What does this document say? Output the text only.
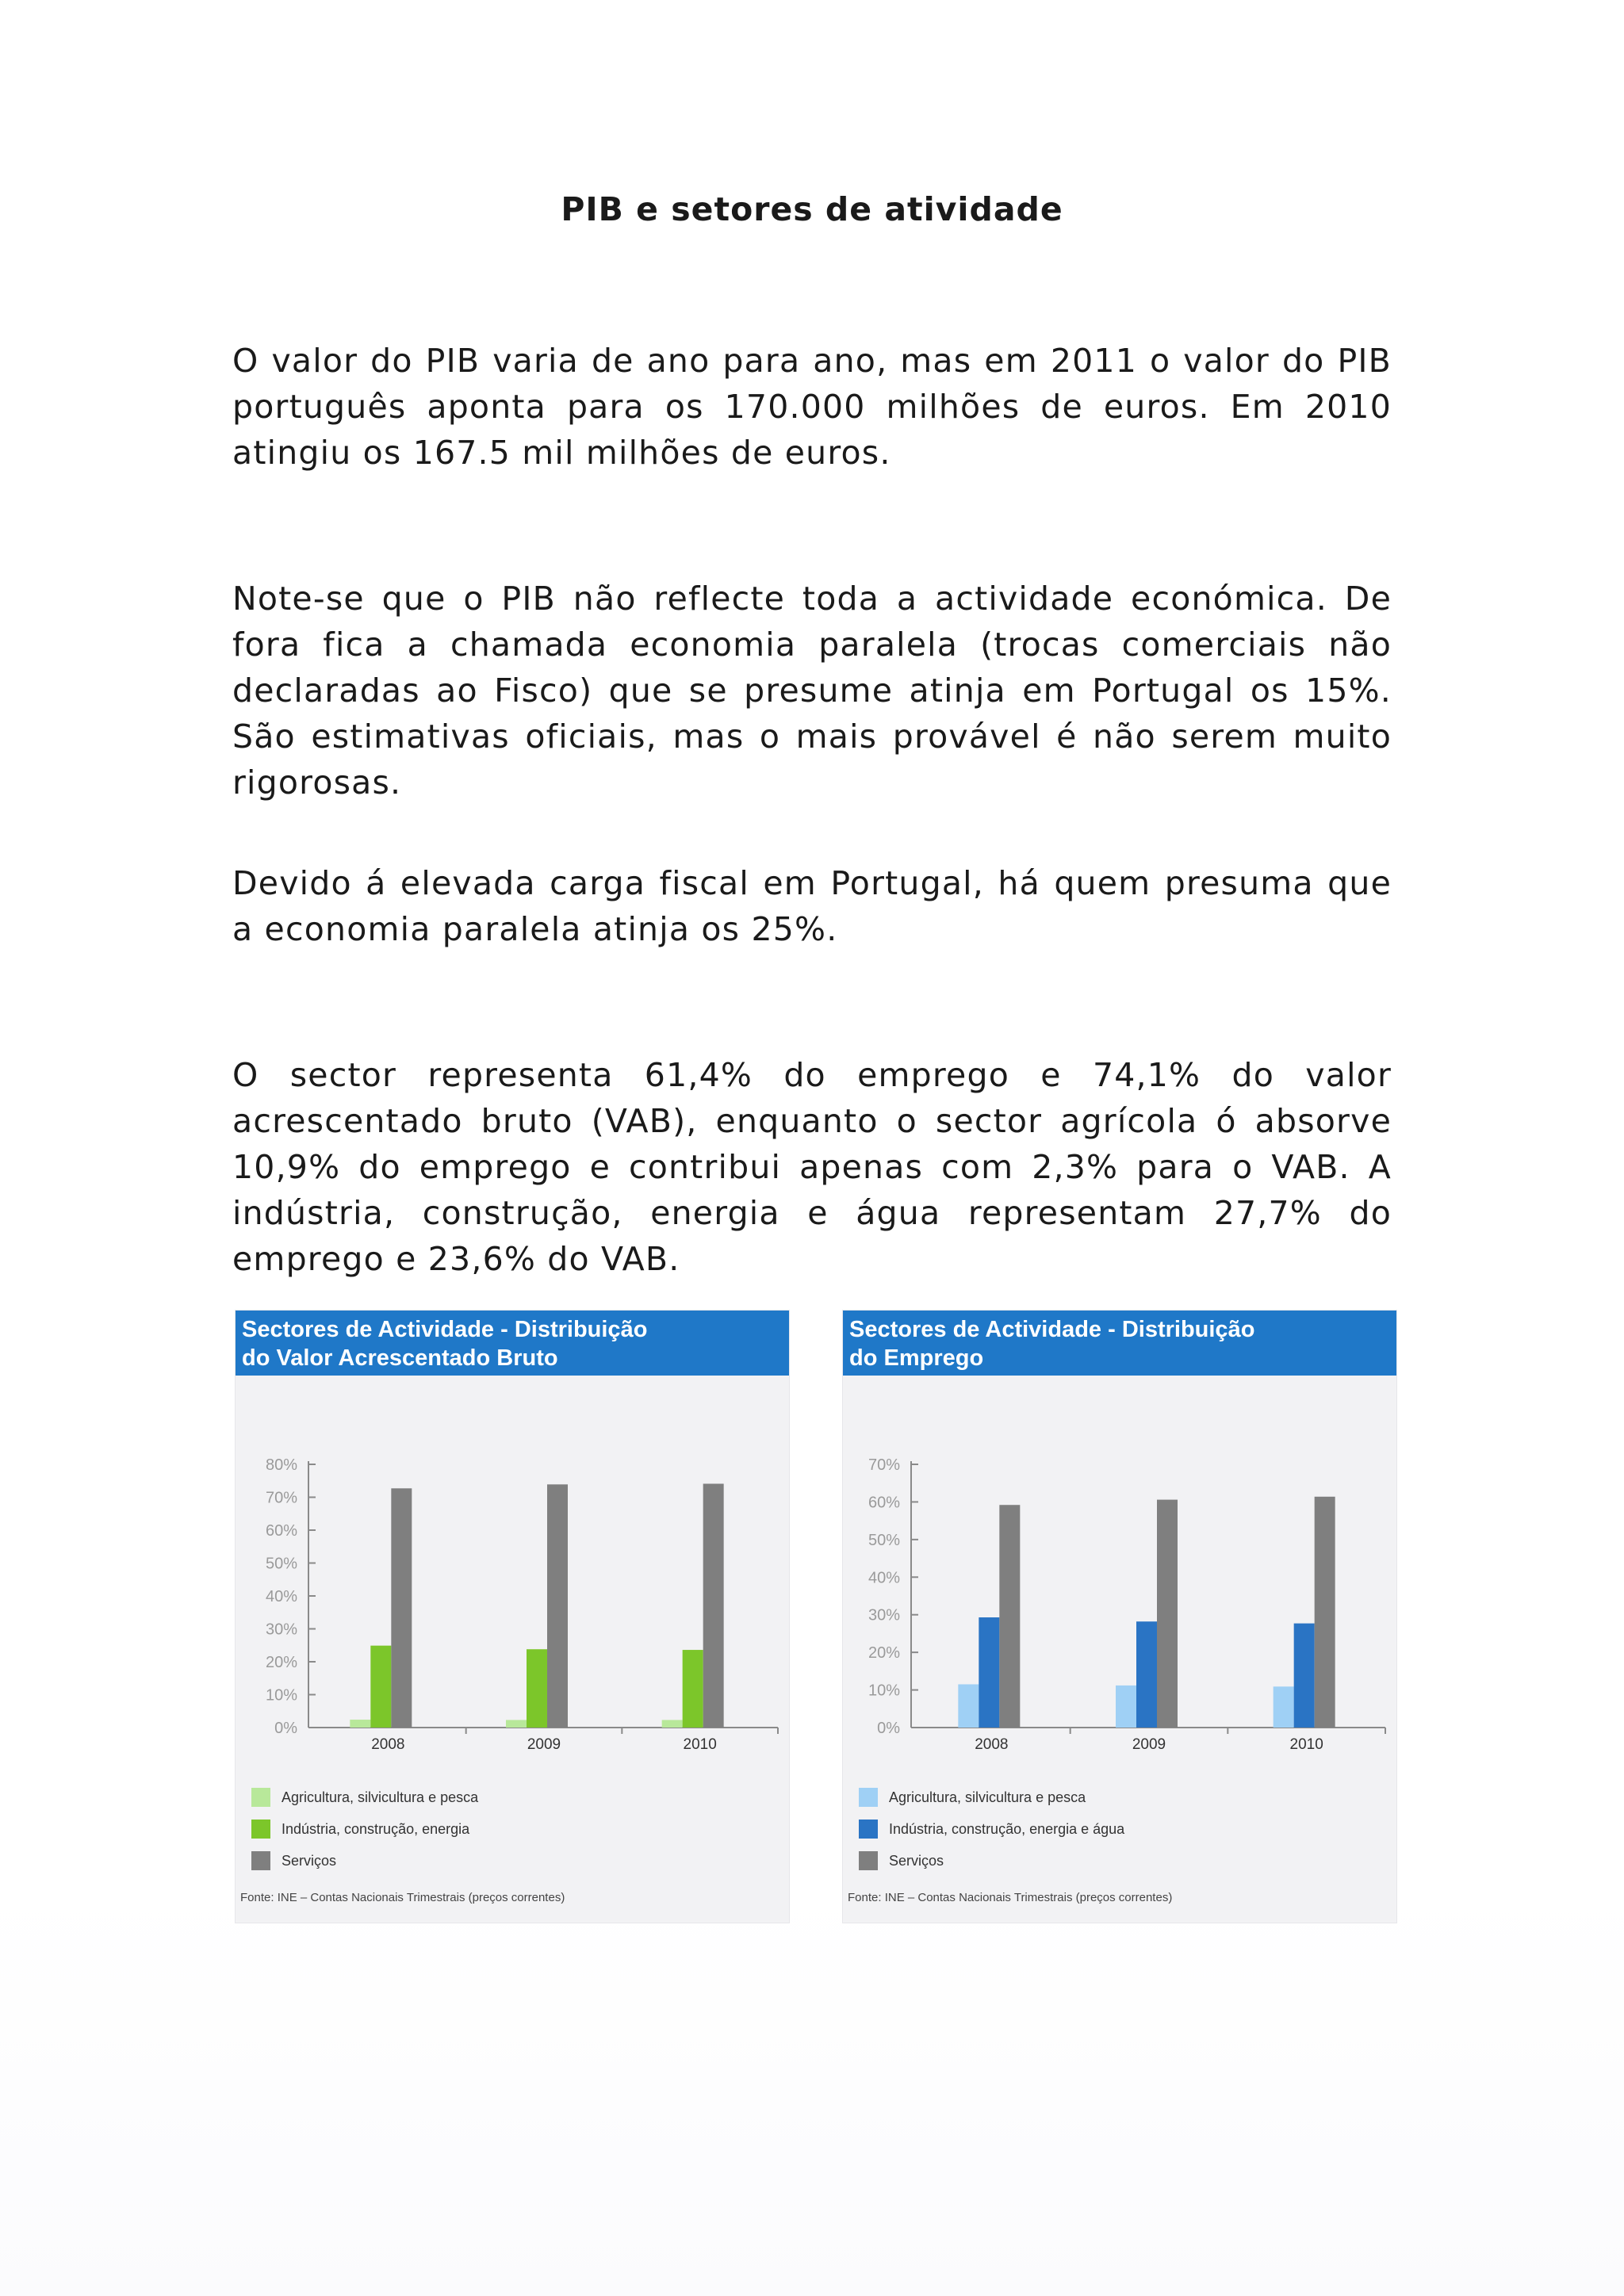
PIB e setores de atividade

O valor do PIB varia de ano para ano, mas em 2011 o valor do PIB português aponta para os 170.000 milhões de euros. Em 2010 atingiu os 167.5 mil milhões de euros.

Note-se que o PIB não reflecte toda a actividade económica. De fora fica a chamada economia paralela (trocas comerciais não declaradas ao Fisco) que se presume atinja em Portugal os 15%. São estimativas oficiais, mas o mais provável é não serem muito rigorosas.

Devido á elevada carga fiscal em Portugal, há quem presuma que a economia paralela atinja os 25%.

O sector representa 61,4% do emprego e 74,1% do valor acrescentado bruto (VAB), enquanto o sector agrícola ó absorve 10,9% do emprego e contribui apenas com 2,3% para o VAB. A indústria, construção, energia e água representam 27,7% do emprego e 23,6% do VAB.

Sectores de Actividade - Distribuição
do Valor Acrescentado Bruto
0%
10%
20%
30%
40%
50%
60%
70%
80%
2008	2009	2010
Agricultura, silvicultura e pesca
Indústria, construção, energia
Serviços
Fonte: INE – Contas Nacionais Trimestrais (preços correntes)
Sectores de Actividade - Distribuição
do Emprego
0%
10%
20%
30%
40%
50%
60%
70%
2008	2009	2010
Agricultura, silvicultura e pesca
Indústria, construção, energia e água
Serviços
Fonte: INE – Contas Nacionais Trimestrais (preços correntes)
